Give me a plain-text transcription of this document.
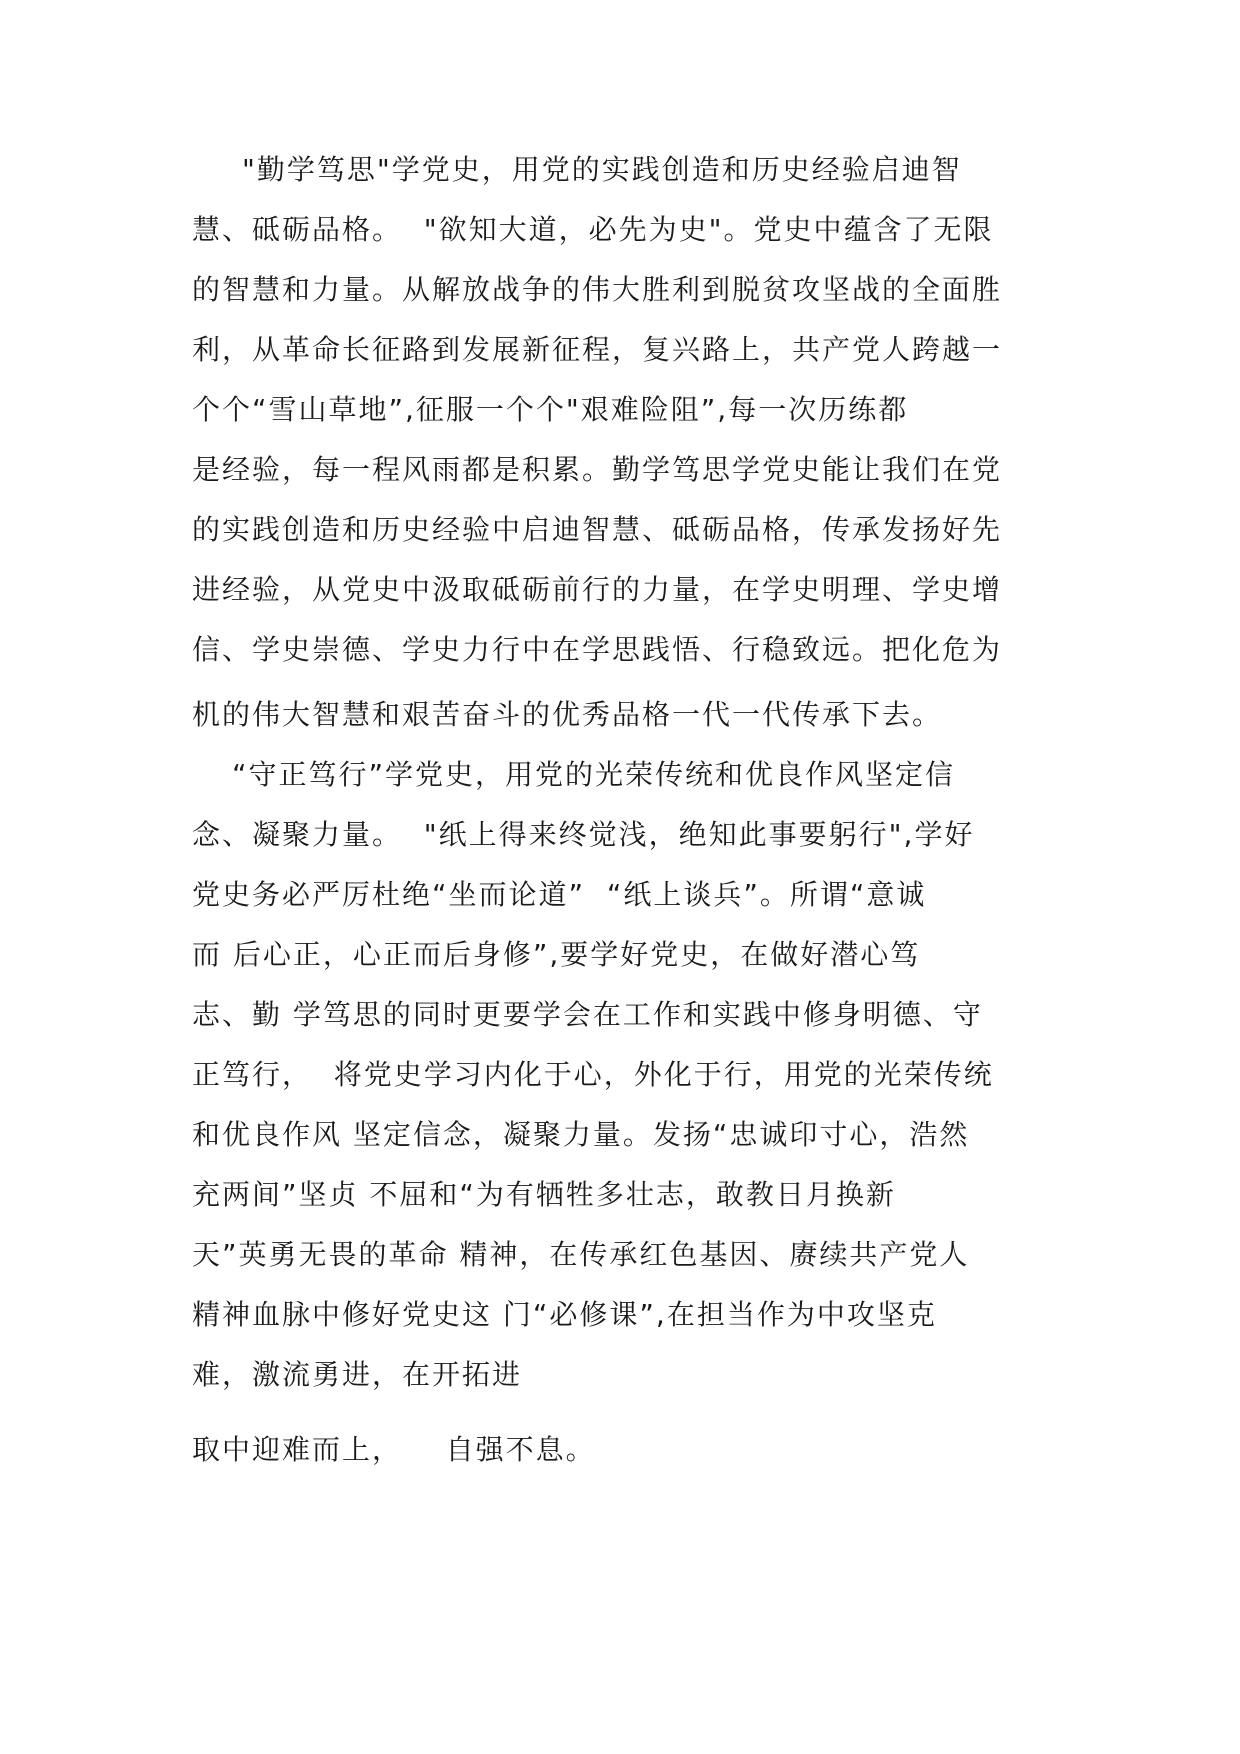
"勤学笃思"学党史，用党的实践创造和历史经验启迪智
慧、砥砺品格。  "欲知大道，必先为史"。党史中蕴含了无限
的智慧和力量。从解放战争的伟大胜利到脱贫攻坚战的全面胜
利，从革命长征路到发展新征程，复兴路上，共产党人跨越一
个个“雪山草地”,征服一个个"艰难险阻”,每一次历练都
是经验，每一程风雨都是积累。勤学笃思学党史能让我们在党
的实践创造和历史经验中启迪智慧、砥砺品格，传承发扬好先
进经验，从党史中汲取砥砺前行的力量，在学史明理、学史增
信、学史崇德、学史力行中在学思践悟、行稳致远。把化危为
机的伟大智慧和艰苦奋斗的优秀品格一代一代传承下去。
“守正笃行”学党史，用党的光荣传统和优良作风坚定信
念、凝聚力量。  "纸上得来终觉浅，绝知此事要躬行",学好
党史务必严厉杜绝“坐而论道”  “纸上谈兵”。所谓“意诚
而 后心正，心正而后身修”,要学好党史，在做好潜心笃
志、勤 学笃思的同时更要学会在工作和实践中修身明德、守
正笃行，  将党史学习内化于心，外化于行，用党的光荣传统
和优良作风 坚定信念，凝聚力量。发扬“忠诚印寸心，浩然
充两间”坚贞 不屈和“为有牺牲多壮志，敢教日月换新
天”英勇无畏的革命 精神，在传承红色基因、赓续共产党人
精神血脉中修好党史这 门“必修课”,在担当作为中攻坚克
难，激流勇进，在开拓进
取中迎难而上，    自强不息。
